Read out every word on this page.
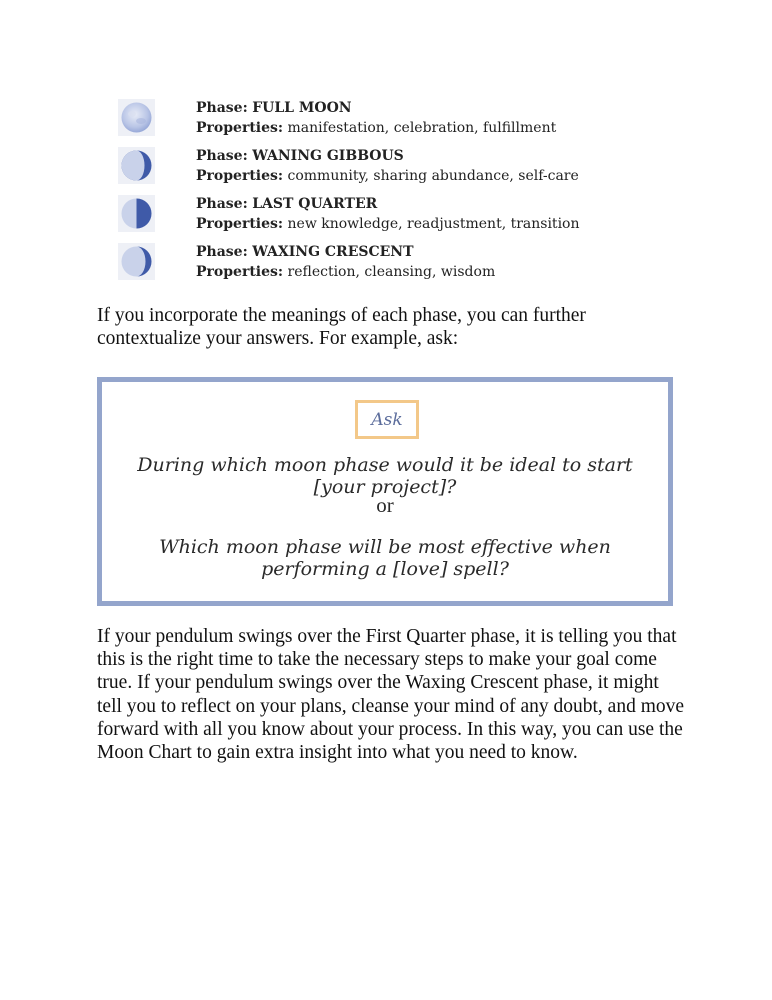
Phase: FULL MOON
Properties: manifestation, celebration, fulfillment
Phase: WANING GIBBOUS
Properties: community, sharing abundance, self-care
Phase: LAST QUARTER
Properties: new knowledge, readjustment, transition
Phase: WAXING CRESCENT
Properties: reflection, cleansing, wisdom

If you incorporate the meanings of each phase, you can further contextualize your answers. For example, ask:

Ask
During which moon phase would it be ideal to start [your project]?
or
Which moon phase will be most effective when performing a [love] spell?

If your pendulum swings over the First Quarter phase, it is telling you that this is the right time to take the necessary steps to make your goal come true. If your pendulum swings over the Waxing Crescent phase, it might tell you to reflect on your plans, cleanse your mind of any doubt, and move forward with all you know about your process. In this way, you can use the Moon Chart to gain extra insight into what you need to know.
